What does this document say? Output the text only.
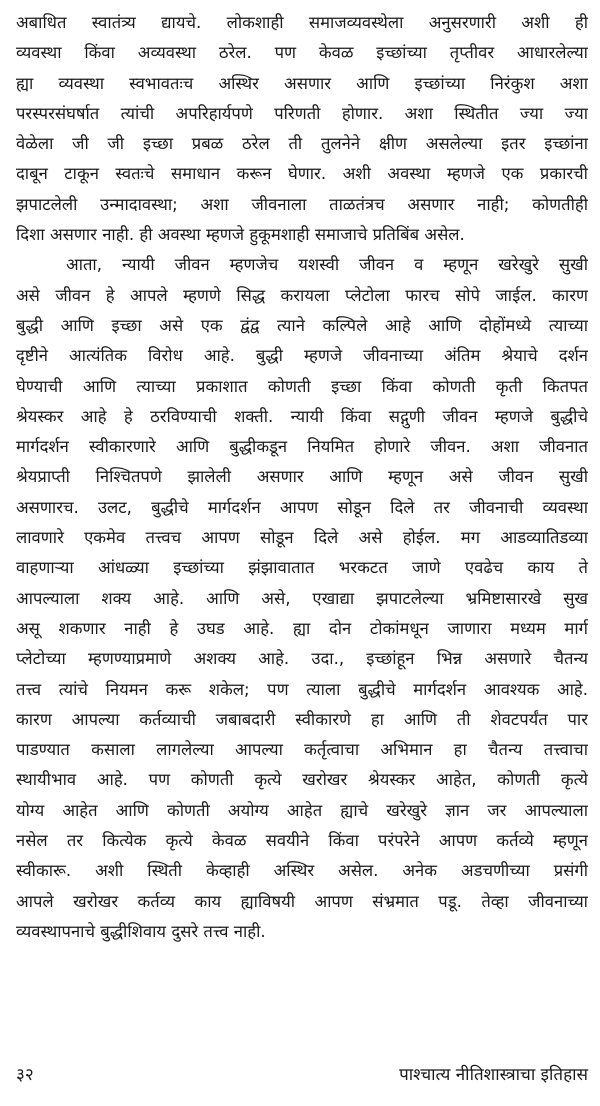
अबाधित स्वातंत्र्य द्यायचे. लोकशाही समाजव्यवस्थेला अनुसरणारी अशी ही
व्यवस्था किंवा अव्यवस्था ठरेल. पण केवळ इच्छांच्या तृप्तीवर आधारलेल्या
ह्या व्यवस्था स्वभावतःच अस्थिर असणार आणि इच्छांच्या निरंकुश अशा
परस्परसंघर्षात त्यांची अपरिहार्यपणे परिणती होणार. अशा स्थितीत ज्या ज्या
वेळेला जी जी इच्छा प्रबळ ठरेल ती तुलनेने क्षीण असलेल्या इतर इच्छांना
दाबून टाकून स्वतःचे समाधान करून घेणार. अशी अवस्था म्हणजे एक प्रकारची
झपाटलेली उन्मादावस्था; अशा जीवनाला ताळतंत्रच असणार नाही; कोणतीही
दिशा असणार नाही. ही अवस्था म्हणजे हुकूमशाही समाजाचे प्रतिबिंब असेल.
आता, न्यायी जीवन म्हणजेच यशस्वी जीवन व म्हणून खरेखुरे सुखी
असे जीवन हे आपले म्हणणे सिद्ध करायला प्लेटोला फारच सोपे जाईल. कारण
बुद्धी आणि इच्छा असे एक द्वंद्व त्याने कल्पिले आहे आणि दोहोंमध्ये त्याच्या
दृष्टीने आत्यंतिक विरोध आहे. बुद्धी म्हणजे जीवनाच्या अंतिम श्रेयाचे दर्शन
घेण्याची आणि त्याच्या प्रकाशात कोणती इच्छा किंवा कोणती कृती कितपत
श्रेयस्कर आहे हे ठरविण्याची शक्ती. न्यायी किंवा सद्गुणी जीवन म्हणजे बुद्धीचे
मार्गदर्शन स्वीकारणारे आणि बुद्धीकडून नियमित होणारे जीवन. अशा जीवनात
श्रेयप्राप्ती निश्चितपणे झालेली असणार आणि म्हणून असे जीवन सुखी
असणारच. उलट, बुद्धीचे मार्गदर्शन आपण सोडून दिले तर जीवनाची व्यवस्था
लावणारे एकमेव तत्त्वच आपण सोडून दिले असे होईल. मग आडव्यातिडव्या
वाहणाऱ्या आंधळ्या इच्छांच्या झंझावातात भरकटत जाणे एवढेच काय ते
आपल्याला शक्य आहे. आणि असे, एखाद्या झपाटलेल्या भ्रमिष्टासारखे सुख
असू शकणार नाही हे उघड आहे. ह्या दोन टोकांमधून जाणारा मध्यम मार्ग
प्लेटोच्या म्हणण्याप्रमाणे अशक्य आहे. उदा., इच्छांहून भिन्न असणारे चैतन्य
तत्त्व त्यांचे नियमन करू शकेल; पण त्याला बुद्धीचे मार्गदर्शन आवश्यक आहे.
कारण आपल्या कर्तव्याची जबाबदारी स्वीकारणे हा आणि ती शेवटपर्यंत पार
पाडण्यात कसाला लागलेल्या आपल्या कर्तृत्वाचा अभिमान हा चैतन्य तत्त्वाचा
स्थायीभाव आहे. पण कोणती कृत्ये खरोखर श्रेयस्कर आहेत, कोणती कृत्ये
योग्य आहेत आणि कोणती अयोग्य आहेत ह्याचे खरेखुरे ज्ञान जर आपल्याला
नसेल तर कित्येक कृत्ये केवळ सवयीने किंवा परंपरेने आपण कर्तव्ये म्हणून
स्वीकारू. अशी स्थिती केव्हाही अस्थिर असेल. अनेक अडचणीच्या प्रसंगी
आपले खरोखर कर्तव्य काय ह्याविषयी आपण संभ्रमात पडू. तेव्हा जीवनाच्या
व्यवस्थापनाचे बुद्धीशिवाय दुसरे तत्त्व नाही.
३२	पाश्चात्य नीतिशास्त्राचा इतिहास
